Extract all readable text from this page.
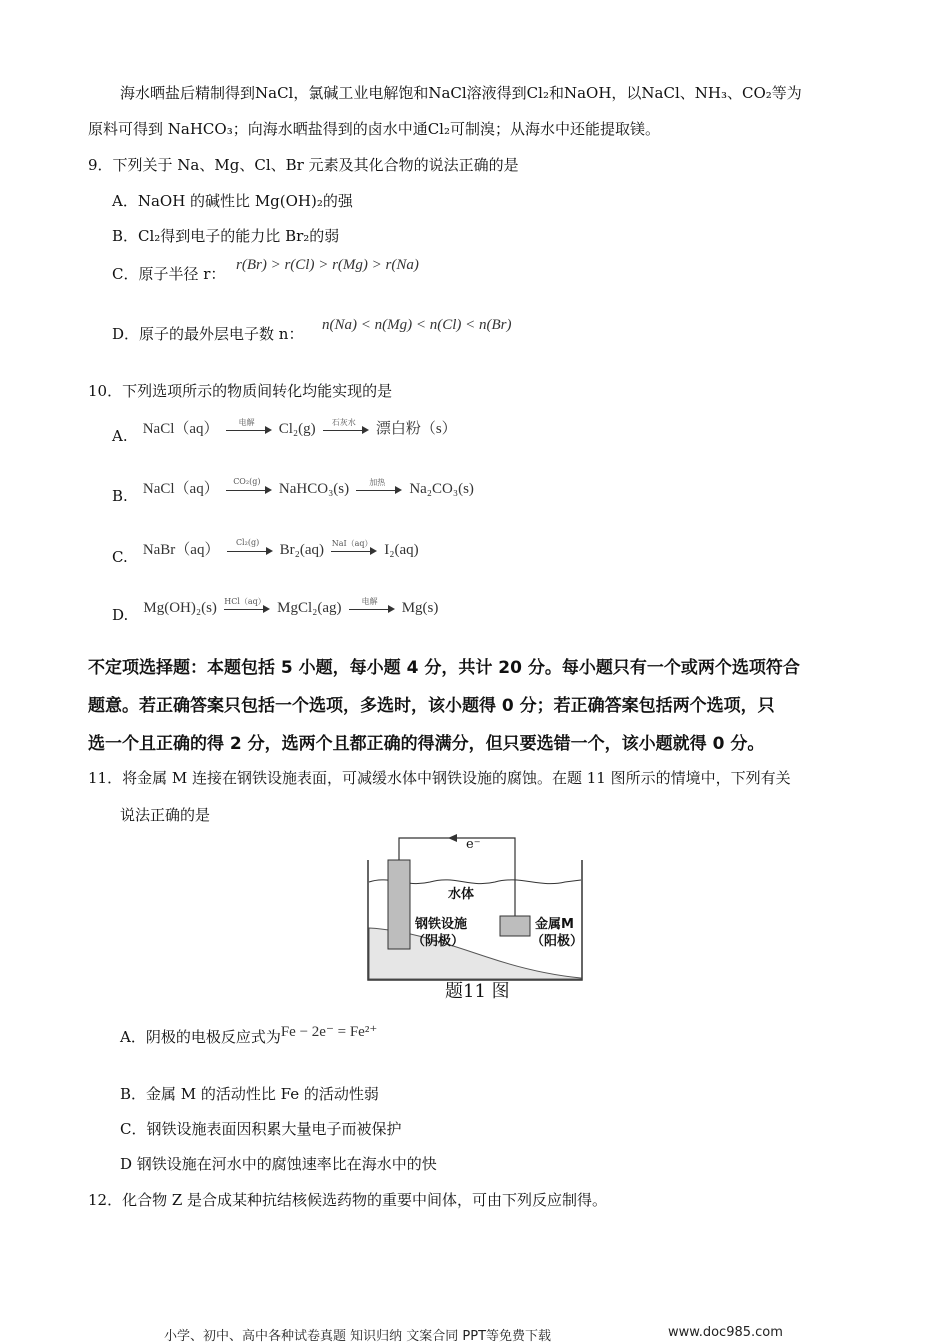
海水晒盐后精制得到NaCl，氯碱工业电解饱和NaCl溶液得到Cl₂和NaOH，以NaCl、NH₃、CO₂等为
原料可得到 NaHCO₃；向海水晒盐得到的卤水中通Cl₂可制溴；从海水中还能提取镁。
9．下列关于 Na、Mg、Cl、Br 元素及其化合物的说法正确的是
A．NaOH 的碱性比 Mg(OH)₂的强
B．Cl₂得到电子的能力比 Br₂的弱
C．原子半径 r： r(Br) > r(Cl) > r(Mg) > r(Na)
D．原子的最外层电子数 n： n(Na) < n(Mg) < n(Cl) < n(Br)
10．下列选项所示的物质间转化均能实现的是
A. NaCl（aq）	电解	Cl₂(g)	石灰水	漂白粉（s）
B. NaCl（aq）	CO₂(g)	NaHCO₃(s)	加热	Na₂CO₃(s)
C. NaBr（aq）	Cl₂(g)	Br₂(aq) NaI（aq） I₂(aq)
D. Mg(OH)₂(s) HCl（aq） MgCl₂(ag)	电解	Mg(s)
不定项选择题：本题包括 5 小题，每小题 4 分，共计 20 分。每小题只有一个或两个选项符合
题意。若正确答案只包括一个选项，多选时，该小题得 0 分；若正确答案包括两个选项，只
选一个且正确的得 2 分，选两个且都正确的得满分，但只要选错一个，该小题就得 0 分。
11．将金属 M 连接在钢铁设施表面，可减缓水体中钢铁设施的腐蚀。在题 11 图所示的情境中，下列有关
说法正确的是
e⁻
水体
钢铁设施
（阴极）
金属M
（阳极）
题11 图
A．阴极的电极反应式为Fe − 2e⁻ = Fe²⁺
B．金属 M 的活动性比 Fe 的活动性弱
C．钢铁设施表面因积累大量电子而被保护
D 钢铁设施在河水中的腐蚀速率比在海水中的快
12．化合物 Z 是合成某种抗结核候选药物的重要中间体，可由下列反应制得。
小学、初中、高中各种试卷真题 知识归纳 文案合同 PPT等免费下载	www.doc985.com
